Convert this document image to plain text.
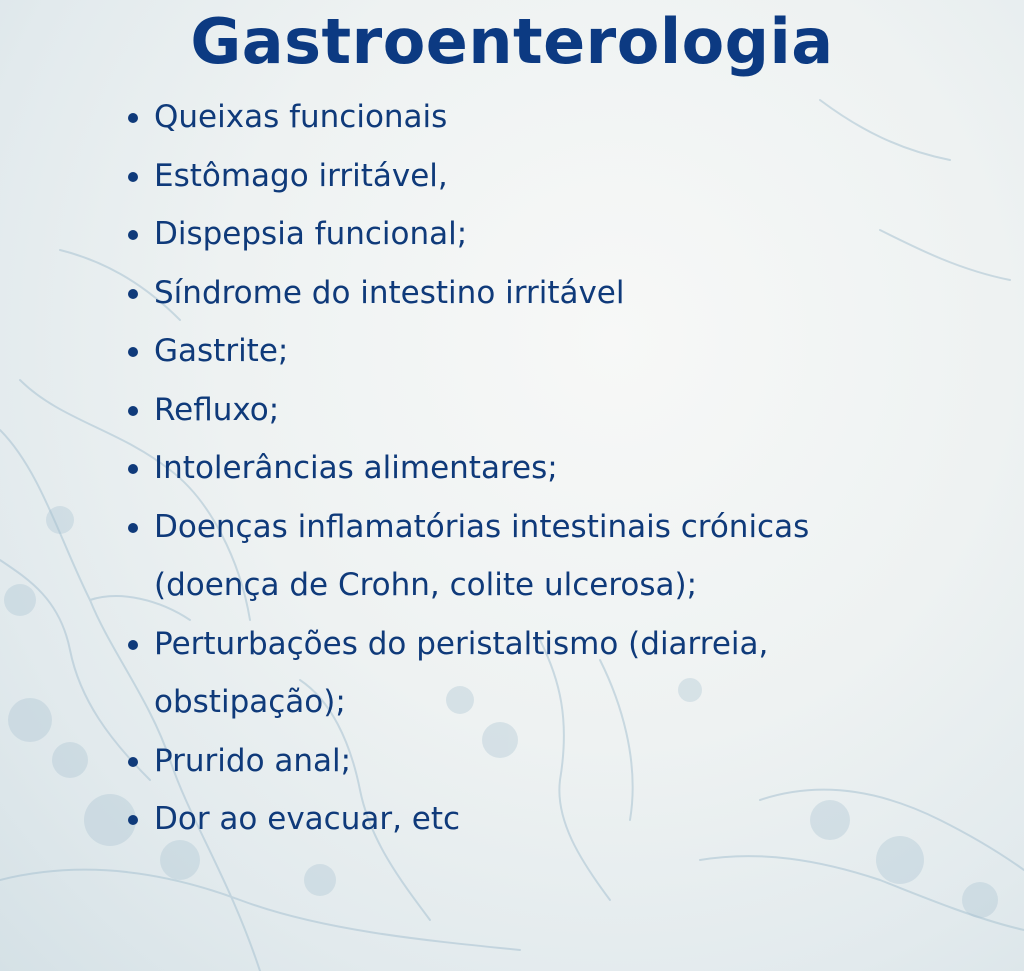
Gastroenterologia
Queixas funcionais
Estômago irritável,
Dispepsia funcional;
Síndrome do intestino irritável
Gastrite;
Refluxo;
Intolerâncias alimentares;
Doenças inflamatórias intestinais crónicas
(doença de Crohn, colite ulcerosa);
Perturbações do peristaltismo (diarreia,
obstipação);
Prurido anal;
Dor ao evacuar, etc
